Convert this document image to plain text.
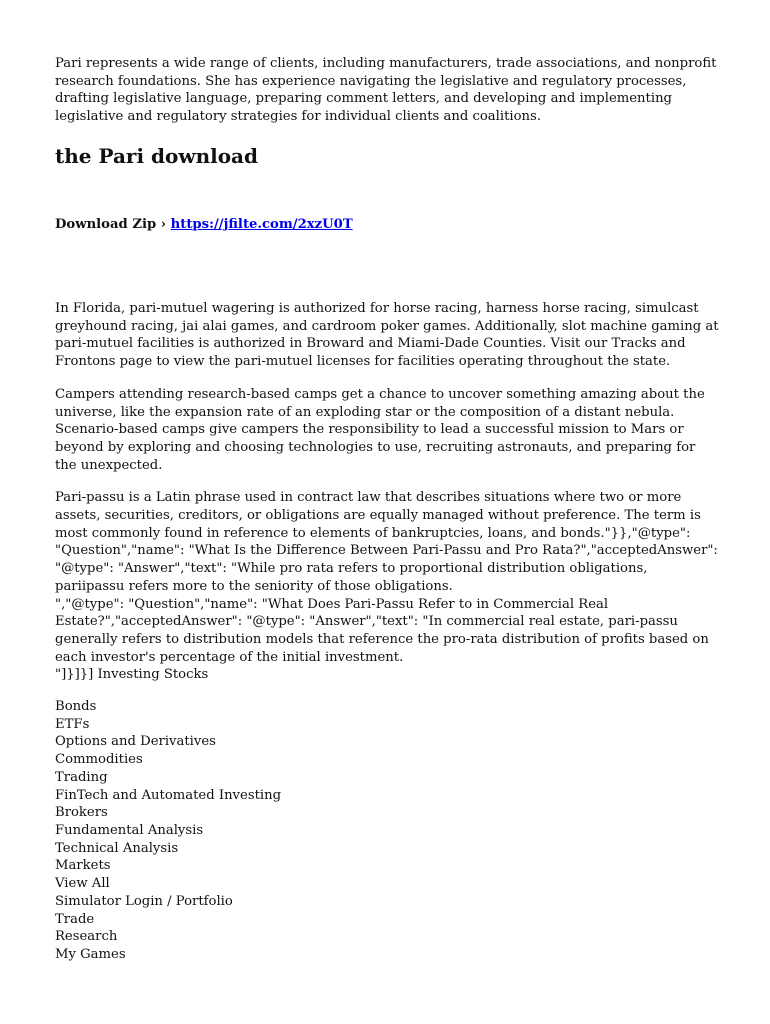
Pari represents a wide range of clients, including manufacturers, trade associations, and nonprofit research foundations. She has experience navigating the legislative and regulatory processes, drafting legislative language, preparing comment letters, and developing and implementing legislative and regulatory strategies for individual clients and coalitions.

the Pari download
Download Zip › https://jfilte.com/2xzU0T

In Florida, pari-mutuel wagering is authorized for horse racing, harness horse racing, simulcast greyhound racing, jai alai games, and cardroom poker games. Additionally, slot machine gaming at pari-mutuel facilities is authorized in Broward and Miami-Dade Counties. Visit our Tracks and Frontons page to view the pari-mutuel licenses for facilities operating throughout the state.

Campers attending research-based camps get a chance to uncover something amazing about the universe, like the expansion rate of an exploding star or the composition of a distant nebula. Scenario-based camps give campers the responsibility to lead a successful mission to Mars or beyond by exploring and choosing technologies to use, recruiting astronauts, and preparing for the unexpected.

Pari-passu is a Latin phrase used in contract law that describes situations where two or more assets, securities, creditors, or obligations are equally managed without preference. The term is most commonly found in reference to elements of bankruptcies, loans, and bonds."}},"@type": "Question","name": "What Is the Difference Between Pari-Passu and Pro Rata?","acceptedAnswer": "@type": "Answer","text": "While pro rata refers to proportional distribution obligations, pariipassu refers more to the seniority of those obligations.

","@type": "Question","name": "What Does Pari-Passu Refer to in Commercial Real Estate?","acceptedAnswer": "@type": "Answer","text": "In commercial real estate, pari-passu generally refers to distribution models that reference the pro-rata distribution of profits based on each investor's percentage of the initial investment.

"]}]}] Investing Stocks

Bonds
ETFs
Options and Derivatives
Commodities
Trading
FinTech and Automated Investing
Brokers
Fundamental Analysis
Technical Analysis
Markets
View All
Simulator Login / Portfolio
Trade
Research
My Games
